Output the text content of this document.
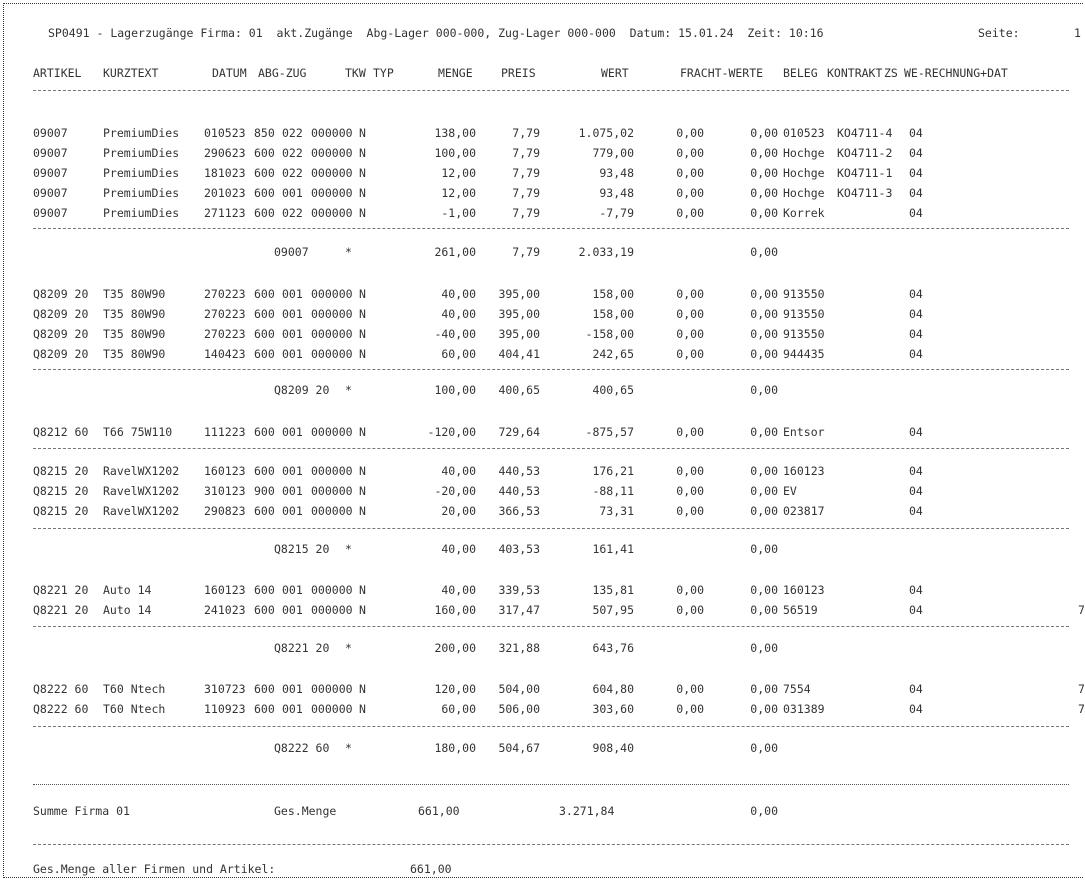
SP0491 - Lagerzugänge Firma: 01 akt.Zugänge Abg-Lager 000-000, Zug-Lager 000-000 Datum: 15.01.24 Zeit: 10:16	Seite:	1
ARTIKEL KURZTEXT	DATUM ABG-ZUG	TKW TYP	MENGE PREIS	WERT	FRACHT-WERTE BELEG KONTRAKT ZS WE-RECHNUNG+DAT
09007	PremiumDies 010523 850 022 000000 N	138,00	7,79	1.075,02	0,00	0,00 010523 KO4711-4 04
09007	PremiumDies 290623 600 022 000000 N	100,00	7,79	779,00	0,00	0,00 Hochge KO4711-2 04
09007	PremiumDies 181023 600 022 000000 N	12,00	7,79	93,48	0,00	0,00 Hochge KO4711-1 04
09007	PremiumDies 201023 600 001 000000 N	12,00	7,79	93,48	0,00	0,00 Hochge KO4711-3 04
09007	PremiumDies 271123 600 022 000000 N	-1,00	7,79	-7,79	0,00	0,00 Korrek	04
09007	*	261,00	7,79	2.033,19	0,00
Q8209 20 T35 80W90	270223 600 001 000000 N	40,00	395,00	158,00	0,00	0,00 913550	04
Q8209 20 T35 80W90	270223 600 001 000000 N	40,00	395,00	158,00	0,00	0,00 913550	04
Q8209 20 T35 80W90	270223 600 001 000000 N	-40,00	395,00	-158,00	0,00	0,00 913550	04
Q8209 20 T35 80W90	140423 600 001 000000 N	60,00	404,41	242,65	0,00	0,00 944435	04
Q8209 20 *	100,00	400,65	400,65	0,00
Q8212 60 T66 75W110	111223 600 001 000000 N	-120,00	729,64	-875,57	0,00	0,00 Entsor	04
Q8215 20 RavelWX1202 160123 600 001 000000 N	40,00	440,53	176,21	0,00	0,00 160123	04
Q8215 20 RavelWX1202 310123 900 001 000000 N	-20,00	440,53	-88,11	0,00	0,00 EV	04
Q8215 20 RavelWX1202 290823 600 001 000000 N	20,00	366,53	73,31	0,00	0,00 023817	04
Q8215 20 *	40,00	403,53	161,41	0,00
Q8221 20 Auto 14	160123 600 001 000000 N	40,00	339,53	135,81	0,00	0,00 160123	04
Q8221 20 Auto 14	241023 600 001 000000 N	160,00	317,47	507,95	0,00	0,00 56519	04	7
Q8221 20 *	200,00	321,88	643,76	0,00
Q8222 60 T60 Ntech	310723 600 001 000000 N	120,00	504,00	604,80	0,00	0,00 7554	04	7
Q8222 60 T60 Ntech	110923 600 001 000000 N	60,00	506,00	303,60	0,00	0,00 031389	04	7
Q8222 60 *	180,00	504,67	908,40	0,00
Summe Firma 01	Ges.Menge	661,00	3.271,84	0,00
Ges.Menge aller Firmen und Artikel:	661,00
